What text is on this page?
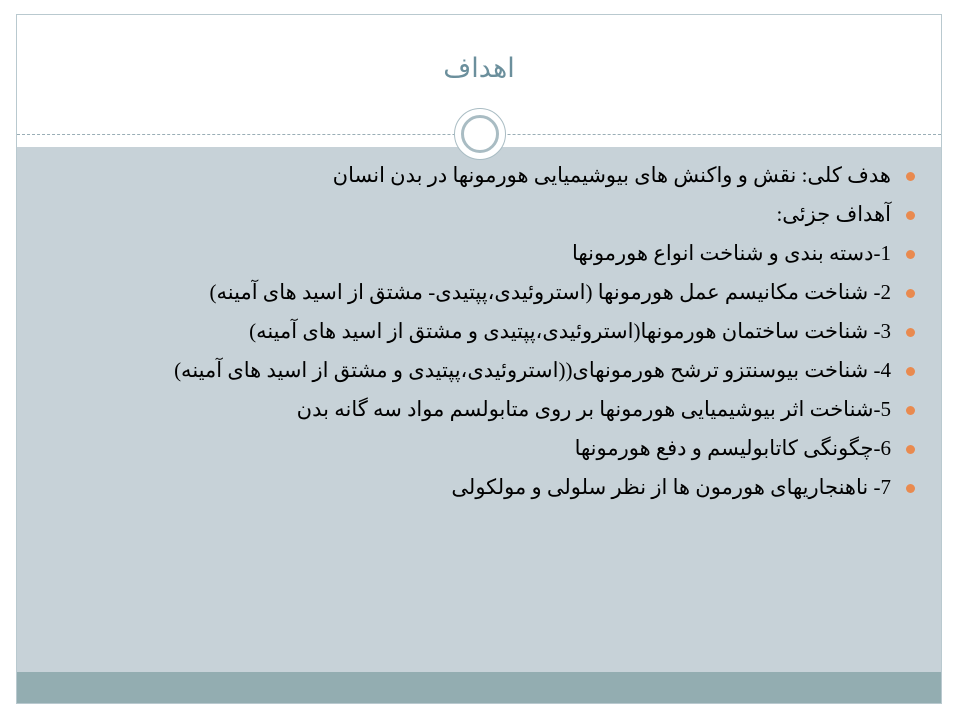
اهداف
هدف کلی: نقش و واکنش های بیوشیمیایی هورمونها در بدن انسان
آهداف جزئی:
1-دسته بندی و شناخت انواع هورمونها
2- شناخت مکانیسم عمل هورمونها (استروئیدی،پپتیدی- مشتق از اسید های آمینه)
3- شناخت ساختمان هورمونها(استروئیدی،پپتیدی و مشتق از اسید های آمینه)
4- شناخت بیوسنتزو ترشح هورمونهای((استروئیدی،پپتیدی و مشتق از اسید های آمینه)
5-شناخت اثر بیوشیمیایی هورمونها بر روی متابولسم مواد سه گانه بدن
6-چگونگی کاتابولیسم و دفع هورمونها
7- ناهنجاریهای هورمون ها از نظر سلولی و مولکولی
